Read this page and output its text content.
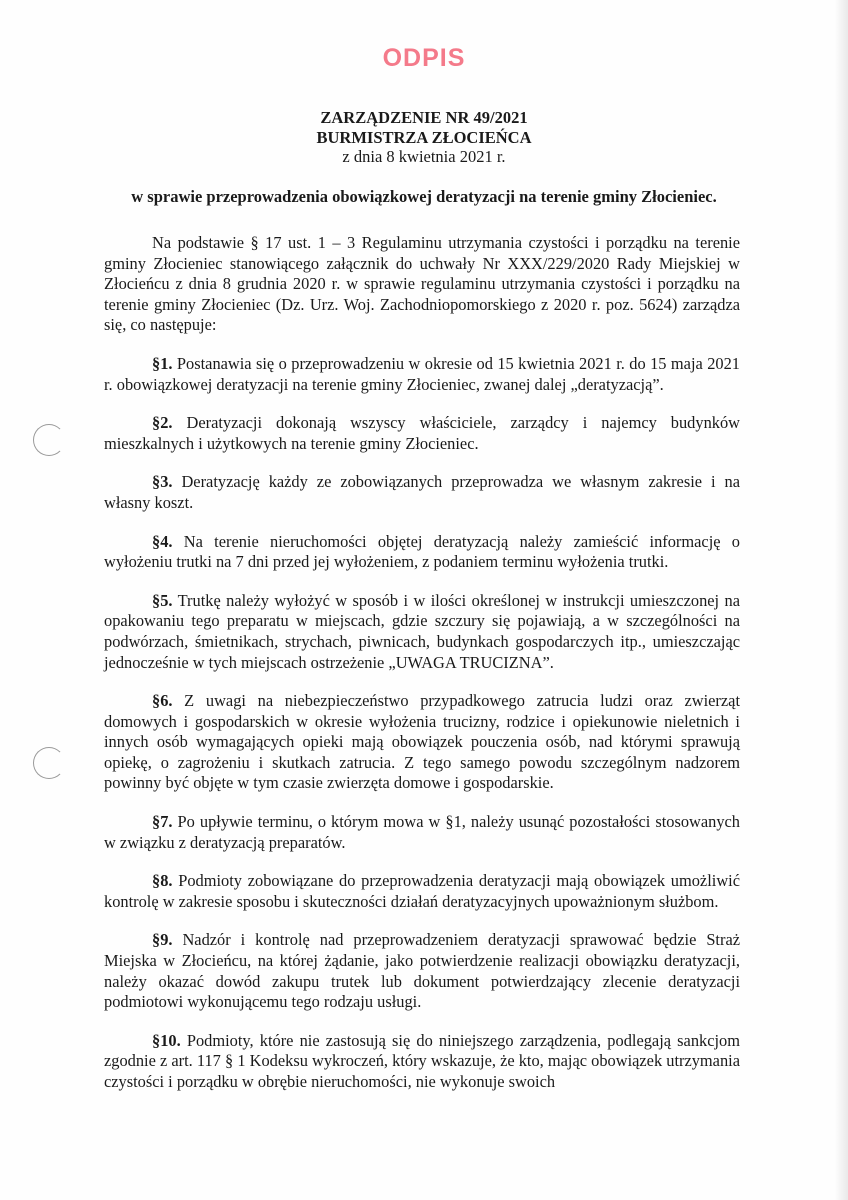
ODPIS
ZARZĄDZENIE NR 49/2021
BURMISTRZA ZŁOCIEŃCA
z dnia 8 kwietnia 2021 r.
w sprawie przeprowadzenia obowiązkowej deratyzacji na terenie gminy Złocieniec.

Na podstawie § 17 ust. 1 – 3 Regulaminu utrzymania czystości i porządku na terenie gminy Złocieniec stanowiącego załącznik do uchwały Nr XXX/229/2020 Rady Miejskiej w Złocieńcu z dnia 8 grudnia 2020 r. w sprawie regulaminu utrzymania czystości i porządku na terenie gminy Złocieniec (Dz. Urz. Woj. Zachodniopomorskiego z 2020 r. poz. 5624) zarządza się, co następuje:

§1. Postanawia się o przeprowadzeniu w okresie od 15 kwietnia 2021 r. do 15 maja 2021 r. obowiązkowej deratyzacji na terenie gminy Złocieniec, zwanej dalej „deratyzacją”.

§2. Deratyzacji dokonają wszyscy właściciele, zarządcy i najemcy budynków mieszkalnych i użytkowych na terenie gminy Złocieniec.

§3. Deratyzację każdy ze zobowiązanych przeprowadza we własnym zakresie i na własny koszt.

§4. Na terenie nieruchomości objętej deratyzacją należy zamieścić informację o wyłożeniu trutki na 7 dni przed jej wyłożeniem, z podaniem terminu wyłożenia trutki.

§5. Trutkę należy wyłożyć w sposób i w ilości określonej w instrukcji umieszczonej na opakowaniu tego preparatu w miejscach, gdzie szczury się pojawiają, a w szczególności na podwórzach, śmietnikach, strychach, piwnicach, budynkach gospodarczych itp., umieszczając jednocześnie w tych miejscach ostrzeżenie „UWAGA TRUCIZNA”.

§6. Z uwagi na niebezpieczeństwo przypadkowego zatrucia ludzi oraz zwierząt domowych i gospodarskich w okresie wyłożenia trucizny, rodzice i opiekunowie nieletnich i innych osób wymagających opieki mają obowiązek pouczenia osób, nad którymi sprawują opiekę, o zagrożeniu i skutkach zatrucia. Z tego samego powodu szczególnym nadzorem powinny być objęte w tym czasie zwierzęta domowe i gospodarskie.

§7. Po upływie terminu, o którym mowa w §1, należy usunąć pozostałości stosowanych w związku z deratyzacją preparatów.

§8. Podmioty zobowiązane do przeprowadzenia deratyzacji mają obowiązek umożliwić kontrolę w zakresie sposobu i skuteczności działań deratyzacyjnych upoważnionym służbom.

§9. Nadzór i kontrolę nad przeprowadzeniem deratyzacji sprawować będzie Straż Miejska w Złocieńcu, na której żądanie, jako potwierdzenie realizacji obowiązku deratyzacji, należy okazać dowód zakupu trutek lub dokument potwierdzający zlecenie deratyzacji podmiotowi wykonującemu tego rodzaju usługi.

§10. Podmioty, które nie zastosują się do niniejszego zarządzenia, podlegają sankcjom zgodnie z art. 117 § 1 Kodeksu wykroczeń, który wskazuje, że kto, mając obowiązek utrzymania czystości i porządku w obrębie nieruchomości, nie wykonuje swoich
